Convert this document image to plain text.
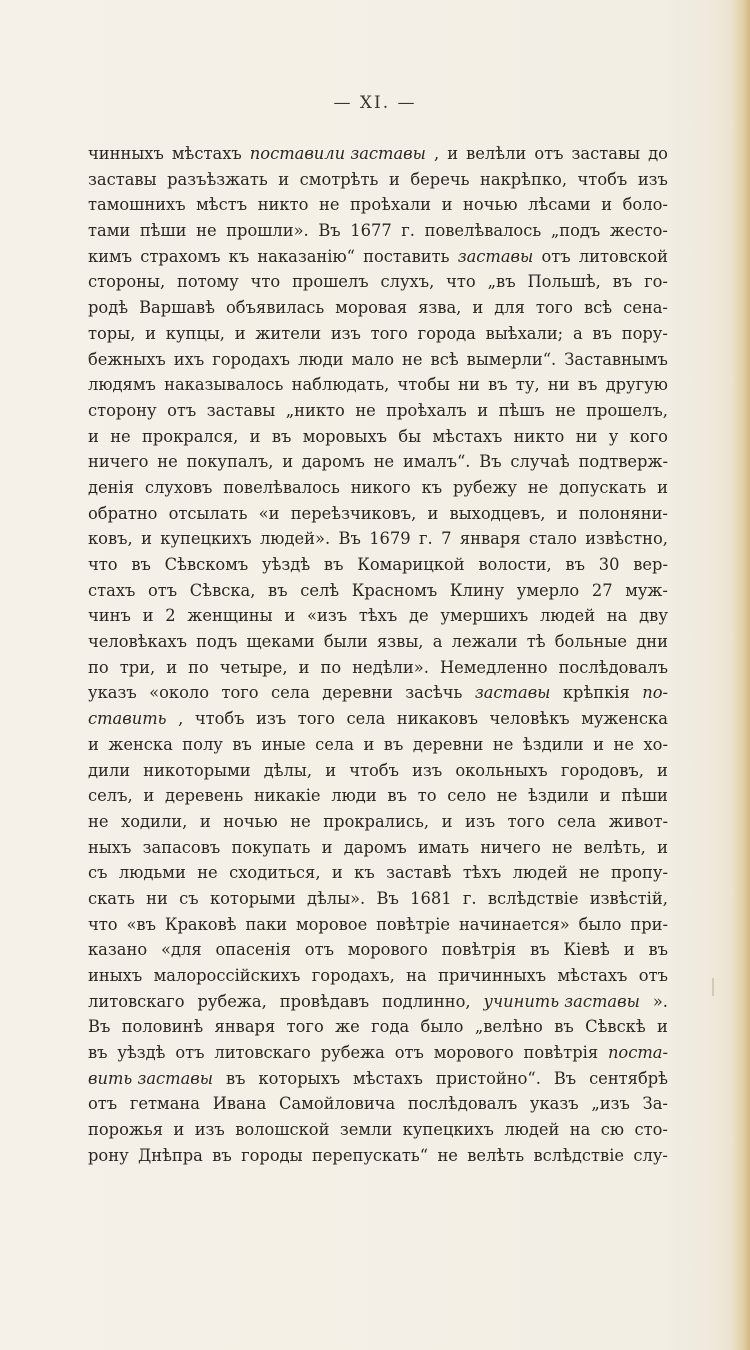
— XI. —
чинныхъ мѣстахъ поставили заставы , и велѣли отъ заставы до
заставы разъѣзжать и смотрѣть и беречь накрѣпко, чтобъ изъ
тамошнихъ мѣстъ никто не проѣхали и ночью лѣсами и боло-
тами пѣши не прошли». Въ 1677 г. повелѣвалось „подъ жесто-
кимъ страхомъ къ наказанію“ поставить заставы отъ литовской
стороны, потому что прошелъ слухъ, что „въ Польшѣ, въ го-
родѣ Варшавѣ объявилась моровая язва, и для того всѣ сена-
торы, и купцы, и жители изъ того города выѣхали; а въ пору-
бежныхъ ихъ городахъ люди мало не всѣ вымерли“. Заставнымъ
людямъ наказывалось наблюдать, чтобы ни въ ту, ни въ другую
сторону отъ заставы „никто не проѣхалъ и пѣшъ не прошелъ,
и не прокрался, и въ моровыхъ бы мѣстахъ никто ни у кого
ничего не покупалъ, и даромъ не ималъ“. Въ случаѣ подтверж-
денія слуховъ повелѣвалось никого къ рубежу не допускать и
обратно отсылать «и переѣзчиковъ, и выходцевъ, и полоняни-
ковъ, и купецкихъ людей». Въ 1679 г. 7 января стало извѣстно,
что въ Сѣвскомъ уѣздѣ въ Комарицкой волости, въ 30 вер-
стахъ отъ Сѣвска, въ селѣ Красномъ Клину умерло 27 муж-
чинъ и 2 женщины и «изъ тѣхъ де умершихъ людей на дву
человѣкахъ подъ щеками были язвы, а лежали тѣ больные дни
по три, и по четыре, и по недѣли». Немедленно послѣдовалъ
указъ «около того села деревни засѣчь заставы крѣпкія по-
ставить , чтобъ изъ того села никаковъ человѣкъ муженска
и женска полу въ иные села и въ деревни не ѣздили и не хо-
дили никоторыми дѣлы, и чтобъ изъ окольныхъ городовъ, и
селъ, и деревень никакіе люди въ то село не ѣздили и пѣши
не ходили, и ночью не прокрались, и изъ того села живот-
ныхъ запасовъ покупать и даромъ имать ничего не велѣть, и
съ людьми не сходиться, и къ заставѣ тѣхъ людей не пропу-
скать ни съ которыми дѣлы». Въ 1681 г. вслѣдствіе извѣстій,
что «въ Краковѣ паки моровое повѣтріе начинается» было при-
казано «для опасенія отъ морового повѣтрія въ Кіевѣ и въ
иныхъ малороссійскихъ городахъ, на причинныхъ мѣстахъ отъ
литовскаго рубежа, провѣдавъ подлинно, учинить заставы ».
Въ половинѣ января того же года было „велѣно въ Сѣвскѣ и
въ уѣздѣ отъ литовскаго рубежа отъ морового повѣтрія поста-
вить заставы въ которыхъ мѣстахъ пристойно“. Въ сентябрѣ
отъ гетмана Ивана Самойловича послѣдовалъ указъ „изъ За-
порожья и изъ волошской земли купецкихъ людей на сю сто-
рону Днѣпра въ городы перепускать“ не велѣть вслѣдствіе слу-
